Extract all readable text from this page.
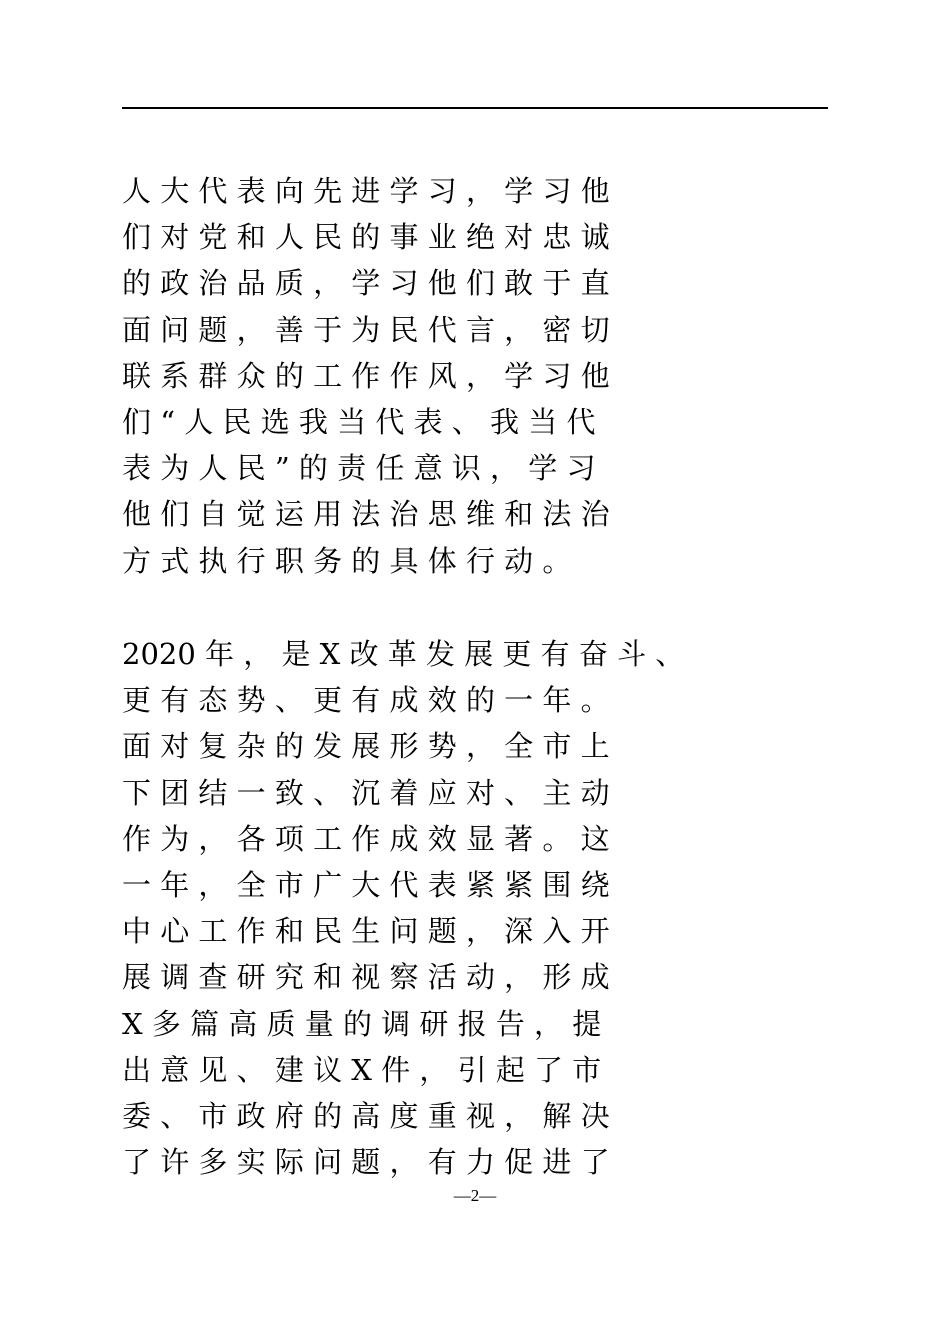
人 大 代 表 向 先 进 学 习 ， 学 习 他
们 对 党 和 人 民 的 事 业 绝 对 忠 诚
的 政 治 品 质 ， 学 习 他 们 敢 于 直
面 问 题 ， 善 于 为 民 代 言 ， 密 切
联 系 群 众 的 工 作 作 风 ， 学 习 他
们 “ 人 民 选 我 当 代 表 、 我 当 代
表 为 人 民 ” 的 责 任 意 识 ， 学 习
他 们 自 觉 运 用 法 治 思 维 和 法 治
方 式 执 行 职 务 的 具 体 行 动 。
2020 年 ， 是 X 改 革 发 展 更 有 奋 斗 、
更 有 态 势 、 更 有 成 效 的 一 年 。
面 对 复 杂 的 发 展 形 势 ， 全 市 上
下 团 结 一 致 、 沉 着 应 对 、 主 动
作 为 ， 各 项 工 作 成 效 显 著 。 这
一 年 ， 全 市 广 大 代 表 紧 紧 围 绕
中 心 工 作 和 民 生 问 题 ， 深 入 开
展 调 查 研 究 和 视 察 活 动 ， 形 成
X 多 篇 高 质 量 的 调 研 报 告 ， 提
出 意 见 、 建 议 X 件 ， 引 起 了 市
委 、 市 政 府 的 高 度 重 视 ， 解 决
了 许 多 实 际 问 题 ， 有 力 促 进 了
—2—
